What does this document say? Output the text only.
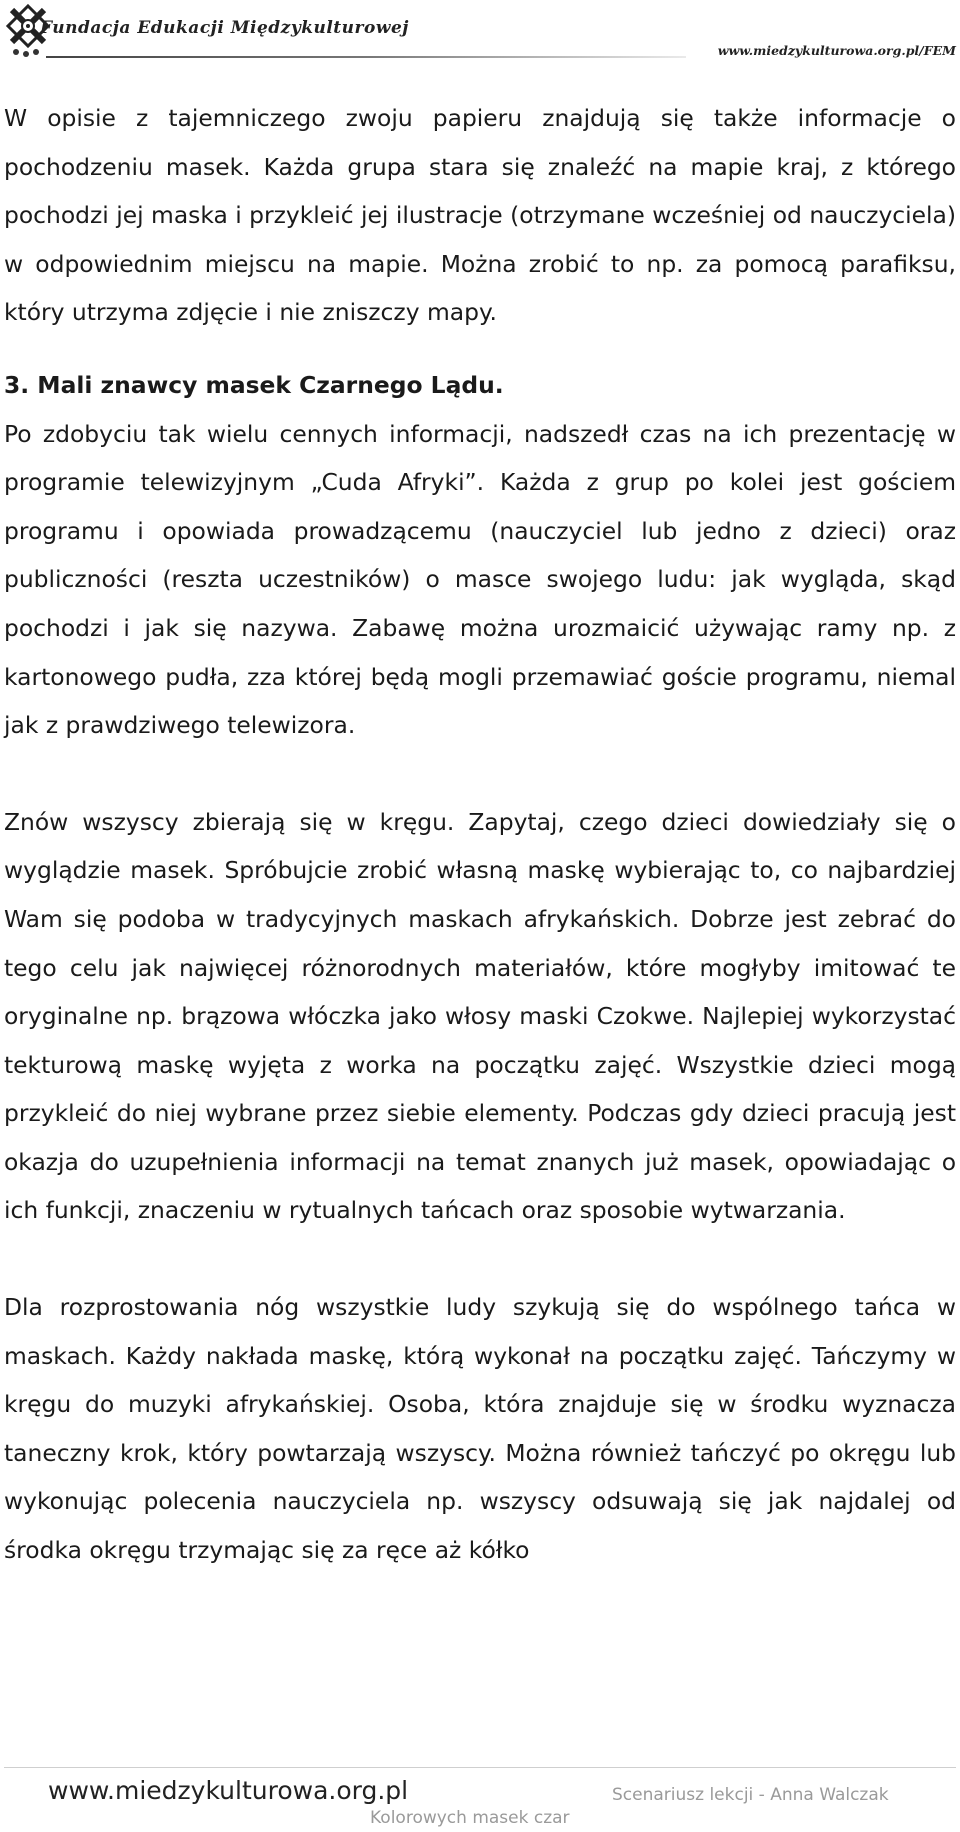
Fundacja Edukacji Międzykulturowej
www.miedzykulturowa.org.pl/FEM

W opisie z tajemniczego zwoju papieru znajdują się także informacje o pochodzeniu masek. Każda grupa stara się znaleźć na mapie kraj, z którego pochodzi jej maska i przykleić jej ilustracje (otrzymane wcześniej od nauczyciela) w odpowiednim miejscu na mapie. Można zrobić to np. za pomocą parafiksu, który utrzyma zdjęcie i nie zniszczy mapy.

3. Mali znawcy masek Czarnego Lądu.

Po zdobyciu tak wielu cennych informacji, nadszedł czas na ich prezentację w programie telewizyjnym „Cuda Afryki”. Każda z grup po kolei jest gościem programu i opowiada prowadzącemu (nauczyciel lub jedno z dzieci) oraz publiczności (reszta uczestników) o masce swojego ludu: jak wygląda, skąd pochodzi i jak się nazywa. Zabawę można urozmaicić używając ramy np. z kartonowego pudła, zza której będą mogli przemawiać goście programu, niemal jak z prawdziwego telewizora.

Znów wszyscy zbierają się w kręgu. Zapytaj, czego dzieci dowiedziały się o wyglądzie masek. Spróbujcie zrobić własną maskę wybierając to, co najbardziej Wam się podoba w tradycyjnych maskach afrykańskich. Dobrze jest zebrać do tego celu jak najwięcej różnorodnych materiałów, które mogłyby imitować te oryginalne np. brązowa włóczka jako włosy maski Czokwe. Najlepiej wykorzystać tekturową maskę wyjęta z worka na początku zajęć. Wszystkie dzieci mogą przykleić do niej wybrane przez siebie elementy. Podczas gdy dzieci pracują jest okazja do uzupełnienia informacji na temat znanych już masek, opowiadając o ich funkcji, znaczeniu w rytualnych tańcach oraz sposobie wytwarzania.

Dla rozprostowania nóg wszystkie ludy szykują się do wspólnego tańca w maskach. Każdy nakłada maskę, którą wykonał na początku zajęć. Tańczymy w kręgu do muzyki afrykańskiej. Osoba, która znajduje się w środku wyznacza taneczny krok, który powtarzają wszyscy. Można również tańczyć po okręgu lub wykonując polecenia nauczyciela np. wszyscy odsuwają się jak najdalej od środka okręgu trzymając się za ręce aż kółko

www.miedzykulturowa.org.pl	Scenariusz lekcji - Anna Walczak
Kolorowych masek czar
